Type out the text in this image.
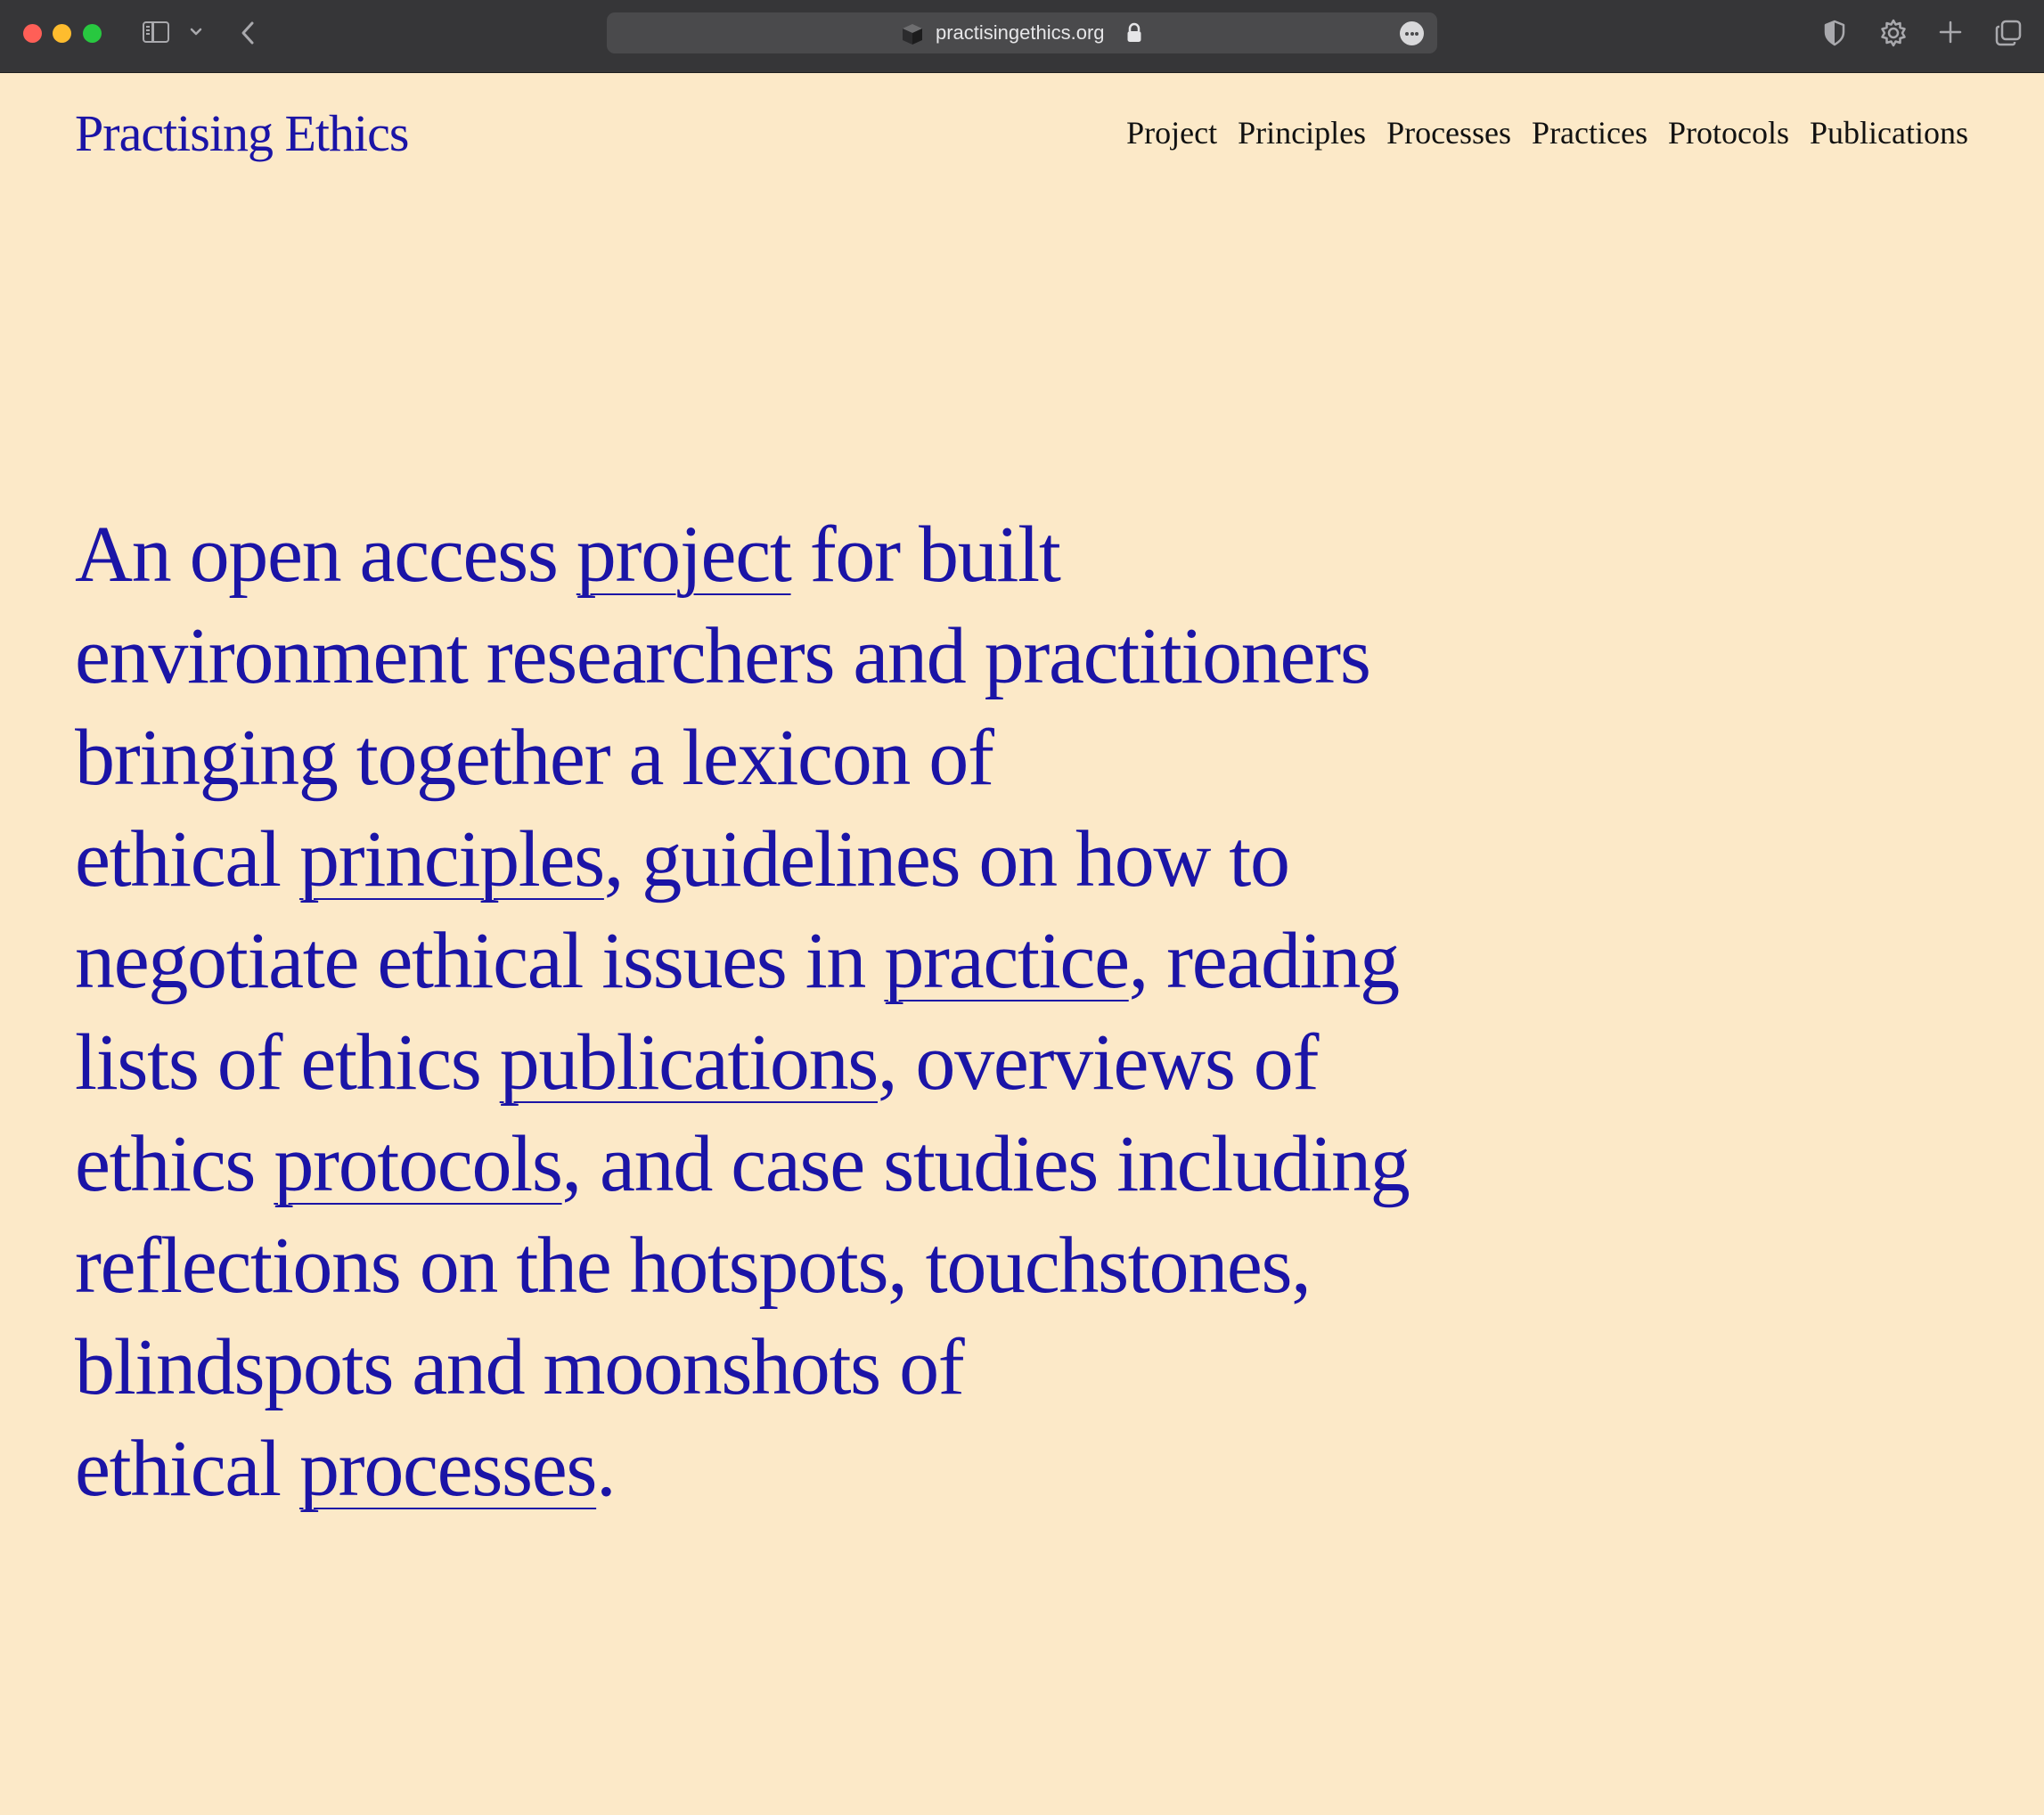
practisingethics.org
Practising Ethics	Project Principles Processes Practices Protocols Publications
An open access project for built
environment researchers and practitioners
bringing together a lexicon of
ethical principles, guidelines on how to
negotiate ethical issues in practice, reading
lists of ethics publications, overviews of
ethics protocols, and case studies including
reflections on the hotspots, touchstones,
blindspots and moonshots of
ethical processes.
